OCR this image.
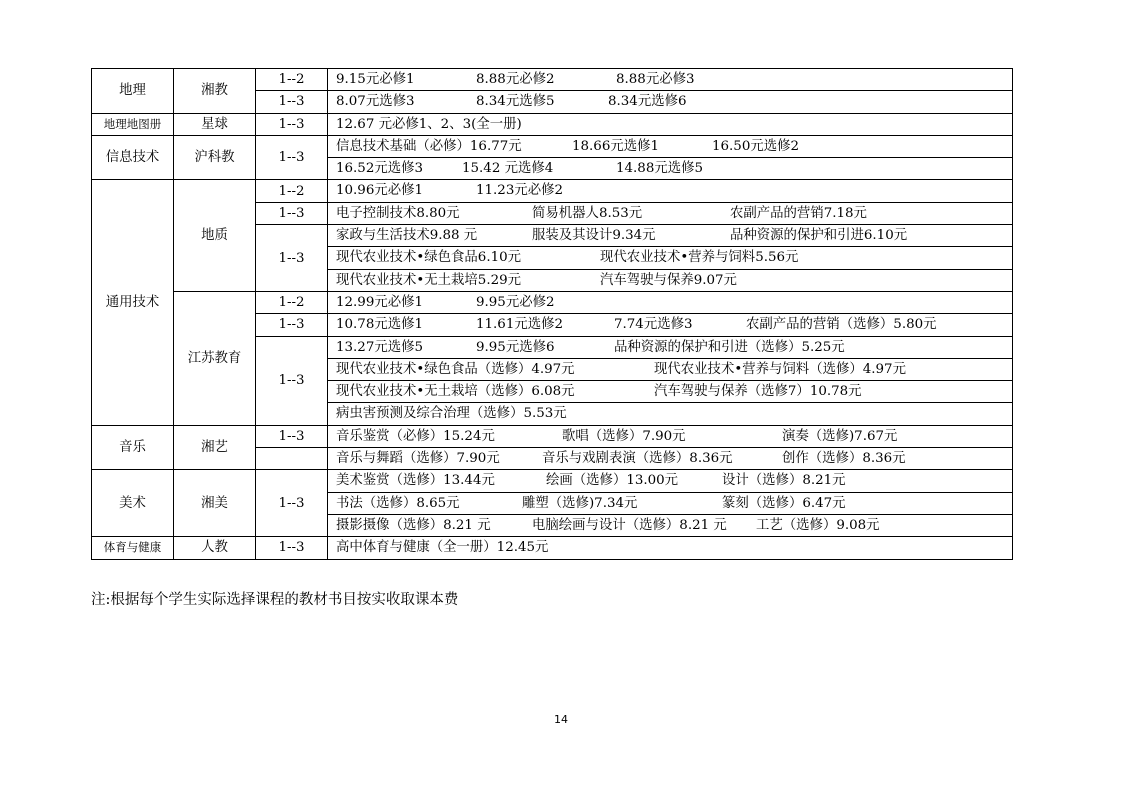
地理	湘教	1--2	9.15元必修1 8.88元必修2 8.88元必修3

		1--3	8.07元选修3 8.34元选修5 8.34元选修6

地理地图册	星球	1--3	12.67 元必修1、2、3(全一册)

信息技术	沪科教	1--3	信息技术基础（必修）16.77元 18.66元选修1 16.50元选修2

			16.52元选修3 15.42 元选修4 14.88元选修5

通用技术	地质	1--2	10.96元必修1 11.23元必修2

		1--3	电子控制技术8.80元 简易机器人8.53元 农副产品的营销7.18元

		1--3	家政与生活技术9.88 元 服装及其设计9.34元 品种资源的保护和引进6.10元

			现代农业技术•绿色食品6.10元 现代农业技术•营养与饲料5.56元

			现代农业技术•无土栽培5.29元 汽车驾驶与保养9.07元

	江苏教育	1--2	12.99元必修1 9.95元必修2

		1--3	10.78元选修1 11.61元选修2 7.74元选修3 农副产品的营销（选修）5.80元

		1--3	13.27元选修5 9.95元选修6 品种资源的保护和引进（选修）5.25元

			现代农业技术•绿色食品（选修）4.97元 现代农业技术•营养与饲料（选修）4.97元

			现代农业技术•无土栽培（选修）6.08元 汽车驾驶与保养（选修7）10.78元

			病虫害预测及综合治理（选修）5.53元

音乐	湘艺	1--3	音乐鉴赏（必修）15.24元 歌唱（选修）7.90元 演奏（选修)7.67元

			音乐与舞蹈（选修）7.90元 音乐与戏剧表演（选修）8.36元 创作（选修）8.36元

美术	湘美	1--3	美术鉴赏（选修）13.44元 绘画（选修）13.00元 设计（选修）8.21元

			书法（选修）8.65元 雕塑（选修)7.34元 篆刻（选修）6.47元

			摄影摄像（选修）8.21 元 电脑绘画与设计（选修）8.21 元 工艺（选修）9.08元

体育与健康	人教	1--3	高中体育与健康（全一册）12.45元
注:根据每个学生实际选择课程的教材书目按实收取课本费
14
